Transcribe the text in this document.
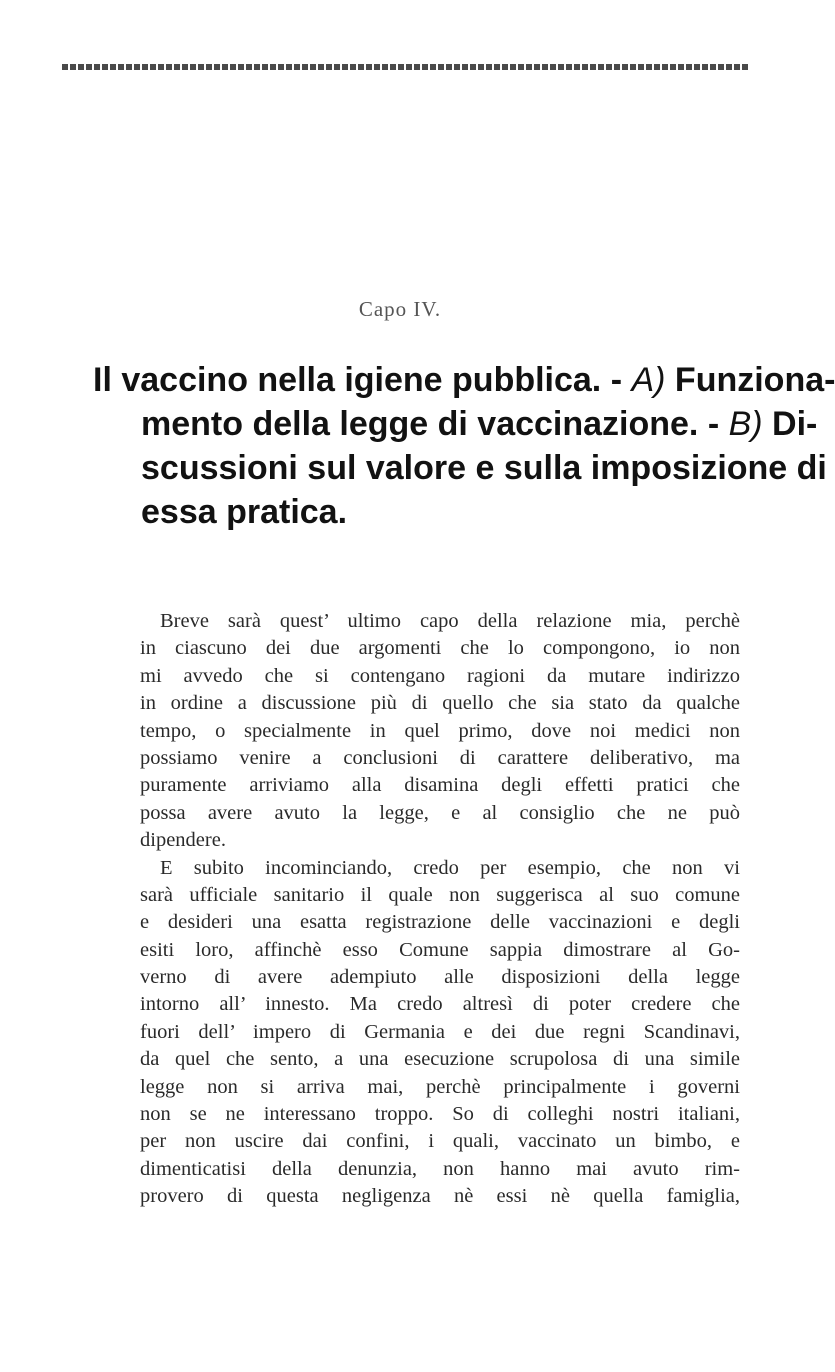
Capo IV.
Il vaccino nella igiene pubblica. - A) Funziona-
mento della legge di vaccinazione. - B) Di-
scussioni sul valore e sulla imposizione di
essa pratica.
Breve sarà quest’ ultimo capo della relazione mia, perchè
in ciascuno dei due argomenti che lo compongono, io non
mi avvedo che si contengano ragioni da mutare indirizzo
in ordine a discussione più di quello che sia stato da qualche
tempo, o specialmente in quel primo, dove noi medici non
possiamo venire a conclusioni di carattere deliberativo, ma
puramente arriviamo alla disamina degli effetti pratici che
possa avere avuto la legge, e al consiglio che ne può
dipendere.
E subito incominciando, credo per esempio, che non vi
sarà ufficiale sanitario il quale non suggerisca al suo comune
e desideri una esatta registrazione delle vaccinazioni e degli
esiti loro, affinchè esso Comune sappia dimostrare al Go-
verno di avere adempiuto alle disposizioni della legge
intorno all’ innesto. Ma credo altresì di poter credere che
fuori dell’ impero di Germania e dei due regni Scandinavi,
da quel che sento, a una esecuzione scrupolosa di una simile
legge non si arriva mai, perchè principalmente i governi
non se ne interessano troppo. So di colleghi nostri italiani,
per non uscire dai confini, i quali, vaccinato un bimbo, e
dimenticatisi della denunzia, non hanno mai avuto rim-
provero di questa negligenza nè essi nè quella famiglia,
